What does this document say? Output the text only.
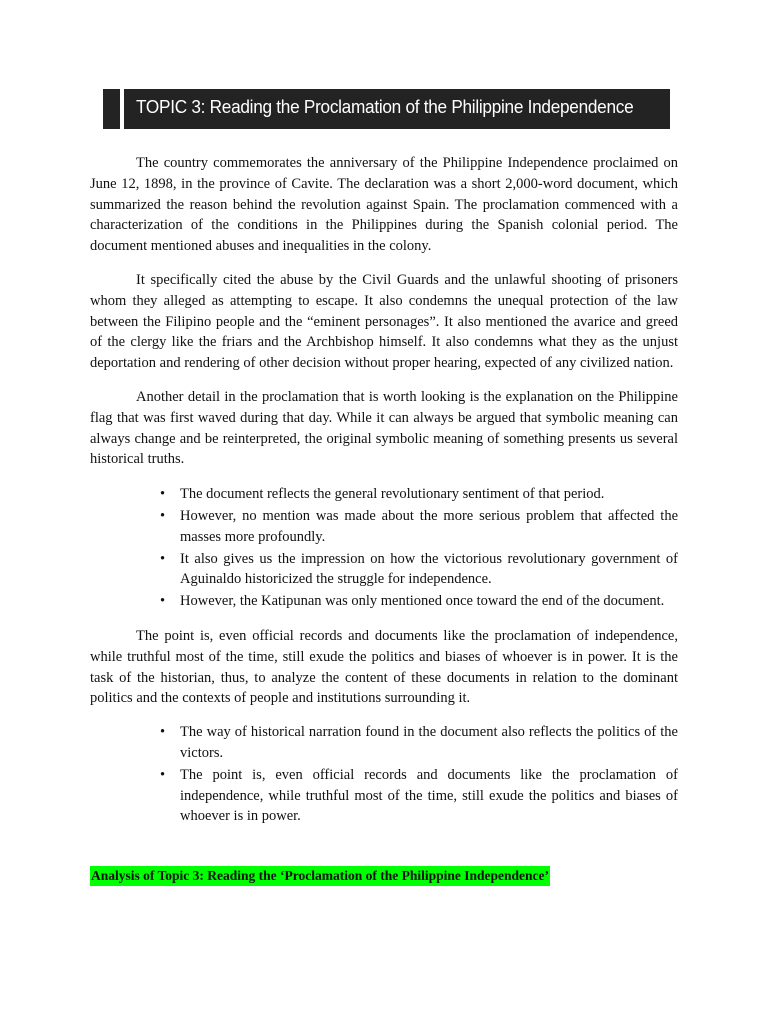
TOPIC 3: Reading the Proclamation of the Philippine Independence

The country commemorates the anniversary of the Philippine Independence proclaimed on June 12, 1898, in the province of Cavite. The declaration was a short 2,000-word document, which summarized the reason behind the revolution against Spain. The proclamation commenced with a characterization of the conditions in the Philippines during the Spanish colonial period. The document mentioned abuses and inequalities in the colony.

It specifically cited the abuse by the Civil Guards and the unlawful shooting of prisoners whom they alleged as attempting to escape. It also condemns the unequal protection of the law between the Filipino people and the “eminent personages”. It also mentioned the avarice and greed of the clergy like the friars and the Archbishop himself. It also condemns what they as the unjust deportation and rendering of other decision without proper hearing, expected of any civilized nation.

Another detail in the proclamation that is worth looking is the explanation on the Philippine flag that was first waved during that day. While it can always be argued that symbolic meaning can always change and be reinterpreted, the original symbolic meaning of something presents us several historical truths.

• The document reflects the general revolutionary sentiment of that period.
• However, no mention was made about the more serious problem that affected the masses more profoundly.
• It also gives us the impression on how the victorious revolutionary government of Aguinaldo historicized the struggle for independence.
• However, the Katipunan was only mentioned once toward the end of the document.

The point is, even official records and documents like the proclamation of independence, while truthful most of the time, still exude the politics and biases of whoever is in power. It is the task of the historian, thus, to analyze the content of these documents in relation to the dominant politics and the contexts of people and institutions surrounding it.

• The way of historical narration found in the document also reflects the politics of the victors.
• The point is, even official records and documents like the proclamation of independence, while truthful most of the time, still exude the politics and biases of whoever is in power.
Analysis of Topic 3: Reading the ‘Proclamation of the Philippine Independence’
